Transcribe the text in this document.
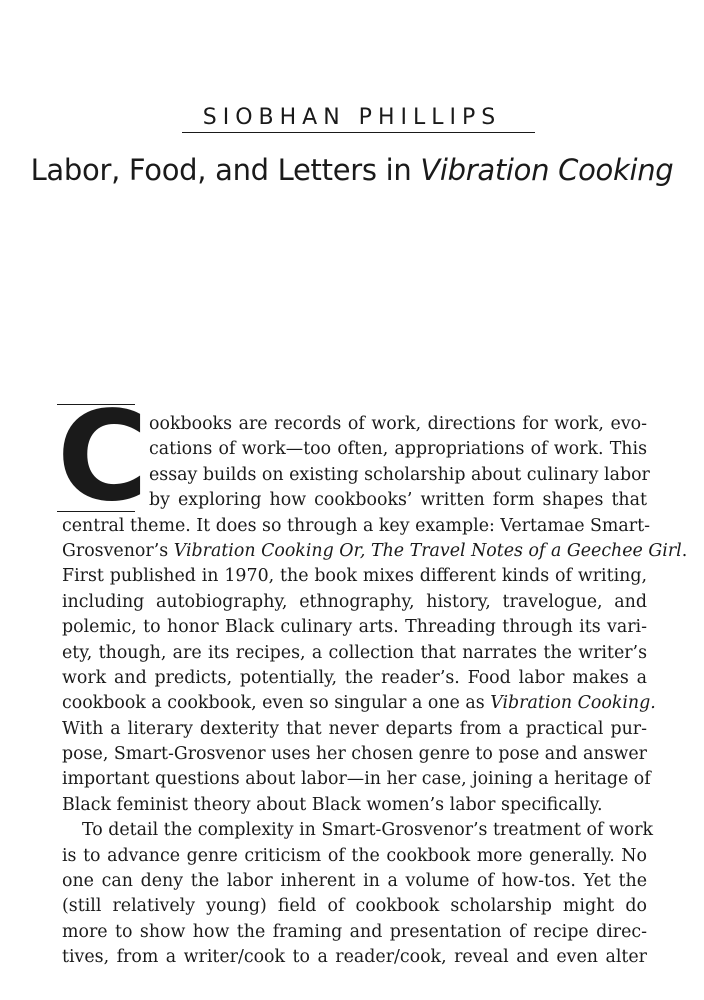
SIOBHAN PHILLIPS
Labor, Food, and Letters in Vibration Cooking
C ookbooks are records of work, directions for work, evo-
cations of work—too often, appropriations of work. This
essay builds on existing scholarship about culinary labor
by exploring how cookbooks’ written form shapes that
central theme. It does so through a key example: Vertamae Smart-
Grosvenor’s Vibration Cooking Or, The Travel Notes of a Geechee Girl.
First published in 1970, the book mixes different kinds of writing,
including autobiography, ethnography, history, travelogue, and
polemic, to honor Black culinary arts. Threading through its vari-
ety, though, are its recipes, a collection that narrates the writer’s
work and predicts, potentially, the reader’s. Food labor makes a
cookbook a cookbook, even so singular a one as Vibration Cooking.
With a literary dexterity that never departs from a practical pur-
pose, Smart-Grosvenor uses her chosen genre to pose and answer
important questions about labor—in her case, joining a heritage of
Black feminist theory about Black women’s labor specifically.
To detail the complexity in Smart-Grosvenor’s treatment of work
is to advance genre criticism of the cookbook more generally. No
one can deny the labor inherent in a volume of how-tos. Yet the
(still relatively young) field of cookbook scholarship might do
more to show how the framing and presentation of recipe direc-
tives, from a writer/cook to a reader/cook, reveal and even alter
